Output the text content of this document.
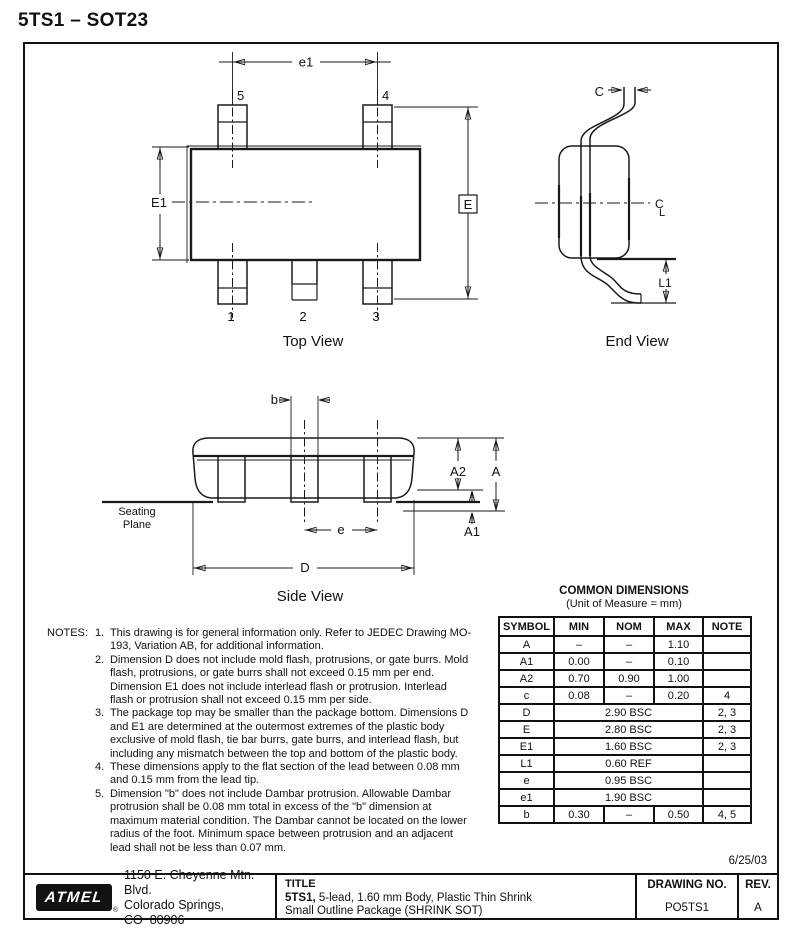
5TS1 – SOT23
e1
E1	E
5	4
1	2	3
Top View
C
C
L
L1
End View
Seating
Plane
b
A2 A
A1
e
D
Side View
NOTES: 1. This drawing is for general information only. Refer to JEDEC Drawing MO-193, Variation AB, for additional information.
2. Dimension D does not include mold flash, protrusions, or gate burrs. Mold flash, protrusions, or gate burrs shall not exceed 0.15 mm per end. Dimension E1 does not include interlead flash or protrusion. Interlead flash or protrusion shall not exceed 0.15 mm per side.
3. The package top may be smaller than the package bottom. Dimensions D and E1 are determined at the outermost extremes of the plastic body exclusive of mold flash, tie bar burrs, gate burrs, and interlead flash, but including any mismatch between the top and bottom of the plastic body.
4. These dimensions apply to the flat section of the lead between 0.08 mm and 0.15 mm from the lead tip.
5. Dimension "b" does not include Dambar protrusion. Allowable Dambar protrusion shall be 0.08 mm total in excess of the "b" dimension at maximum material condition. The Dambar cannot be located on the lower radius of the foot. Minimum space between protrusion and an adjacent lead shall not be less than 0.07 mm.
COMMON DIMENSIONS
(Unit of Measure = mm)
SYMBOL	MIN	NOM	MAX	NOTE
A	–	–	1.10	
A1	0.00	–	0.10	
A2	0.70	0.90	1.00	
c	0.08	–	0.20	4
D	2.90 BSC			2, 3
E	2.80 BSC			2, 3
E1	1.60 BSC			2, 3
L1	0.60 REF			
e	0.95 BSC			
e1	1.90 BSC			
b	0.30	–	0.50	4, 5
6/25/03
ATMEL
®
1150 E. Cheyenne Mtn. Blvd.
Colorado Springs, CO  80906
TITLE
5TS1, 5-lead, 1.60 mm Body, Plastic Thin Shrink
Small Outline Package (SHRINK SOT)
DRAWING NO.
PO5TS1
REV.
A
